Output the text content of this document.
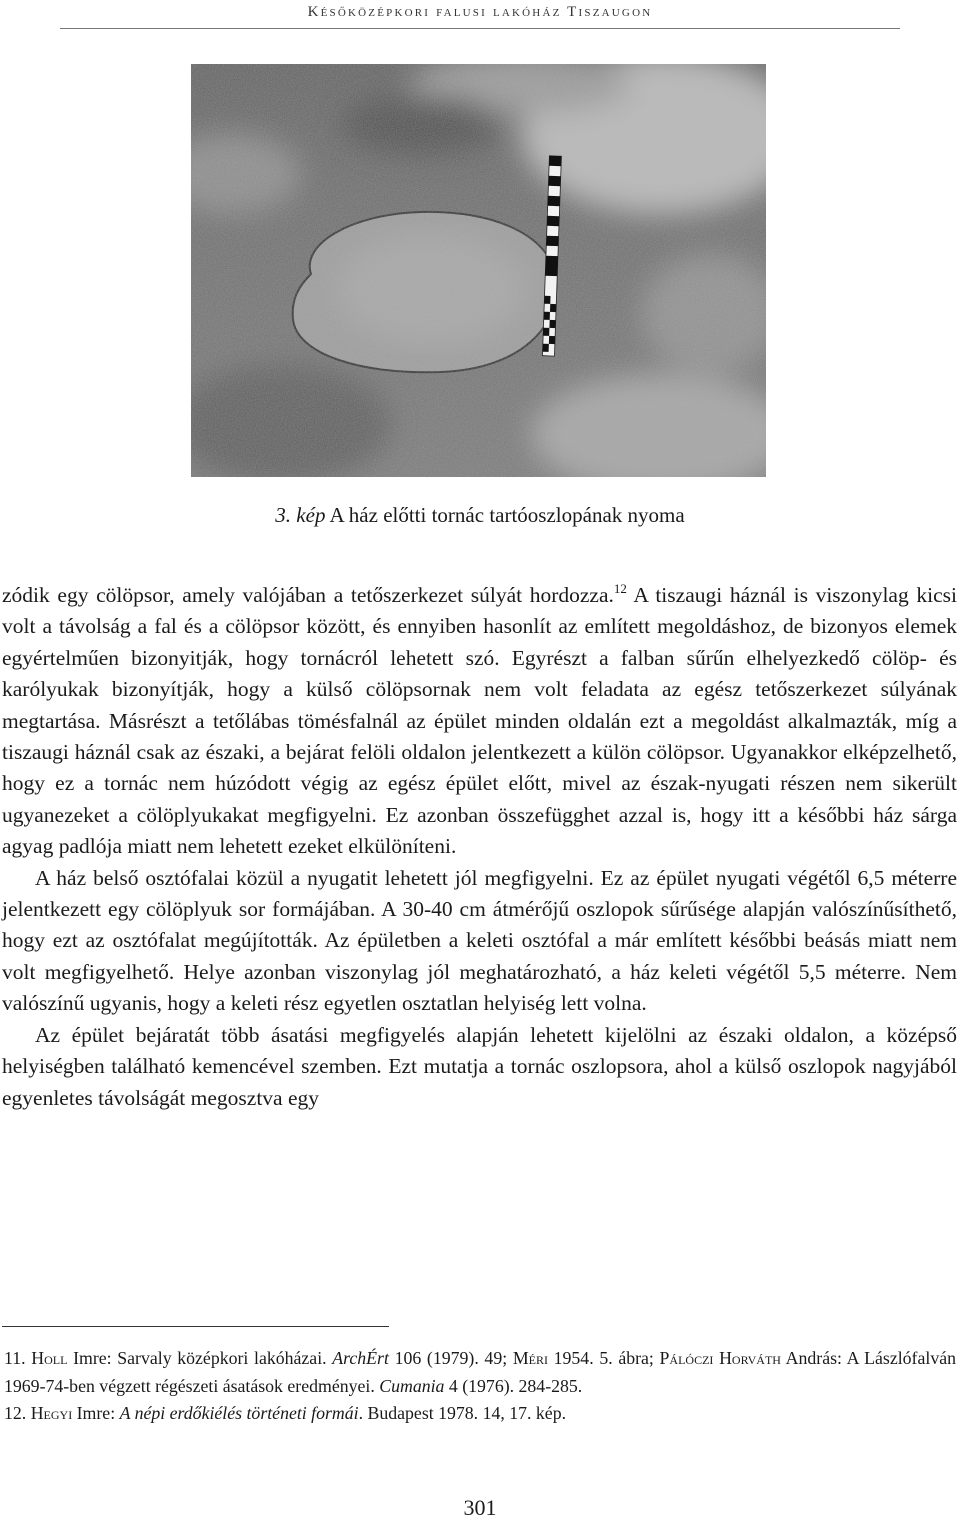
Későközépkori falusi lakóház Tiszaugon
3. kép A ház előtti tornác tartóoszlopának nyoma

zódik egy cölöpsor, amely valójában a tetőszerkezet súlyát hordozza.$^{12}$ A tiszaugi háznál is viszonylag kicsi volt a távolság a fal és a cölöpsor között, és ennyiben hasonlít az említett megoldáshoz, de bizonyos elemek egyértelműen bizonyitják, hogy tornácról lehetett szó. Egyrészt a falban sűrűn elhelyezkedő cölöp- és karólyukak bizonyítják, hogy a külső cölöpsornak nem volt feladata az egész tetőszerkezet súlyának megtartása. Másrészt a tetőlábas tömésfalnál az épület minden oldalán ezt a megoldást alkalmazták, míg a tiszaugi háznál csak az északi, a bejárat felöli oldalon jelentkezett a külön cölöpsor. Ugyanakkor elképzelhető, hogy ez a tornác nem húzódott végig az egész épület előtt, mivel az észak-nyugati részen nem sikerült ugyanezeket a cölöplyukakat megfigyelni. Ez azonban összefügghet azzal is, hogy itt a későbbi ház sárga agyag padlója miatt nem lehetett ezeket elkülöníteni.

A ház belső osztófalai közül a nyugatit lehetett jól megfigyelni. Ez az épület nyugati végétől 6,5 méterre jelentkezett egy cölöplyuk sor formájában. A 30-40 cm átmérőjű oszlopok sűrűsége alapján valószínűsíthető, hogy ezt az osztófalat megújították. Az épületben a keleti osztófal a már említett későbbi beásás miatt nem volt megfigyelhető. Helye azonban viszonylag jól meghatározható, a ház keleti végétől 5,5 méterre. Nem valószínű ugyanis, hogy a keleti rész egyetlen osztatlan helyiség lett volna.

Az épület bejáratát több ásatási megfigyelés alapján lehetett kijelölni az északi oldalon, a középső helyiségben található kemencével szemben. Ezt mutatja a tornác oszlopsora, ahol a külső oszlopok nagyjából egyenletes távolságát megosztva egy

11. Holl Imre: Sarvaly középkori lakóházai. ArchÉrt 106 (1979). 49; Méri 1954. 5. ábra; Pálóczi Horváth András: A Lászlófalván 1969-74-ben végzett régészeti ásatások eredményei. Cumania 4 (1976). 284-285.

12. Hegyi Imre: A népi erdőkiélés történeti formái. Budapest 1978. 14, 17. kép.

301
